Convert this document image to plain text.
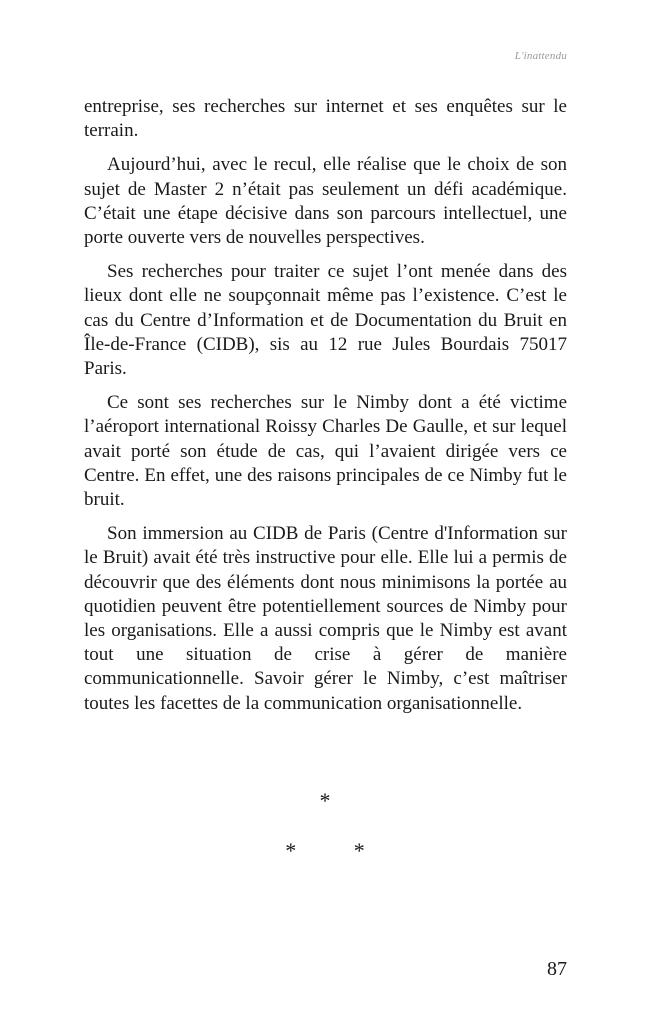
L'inattendu

entreprise, ses recherches sur internet et ses enquêtes sur le terrain.

Aujourd’hui, avec le recul, elle réalise que le choix de son sujet de Master 2 n’était pas seulement un défi académique. C’était une étape décisive dans son parcours intellectuel, une porte ouverte vers de nouvelles perspectives.

Ses recherches pour traiter ce sujet l’ont menée dans des lieux dont elle ne soupçonnait même pas l’existence. C’est le cas du Centre d’Information et de Documentation du Bruit en Île-de-France (CIDB), sis au 12 rue Jules Bourdais 75017 Paris.

Ce sont ses recherches sur le Nimby dont a été victime l’aéroport international Roissy Charles De Gaulle, et sur lequel avait porté son étude de cas, qui l’avaient dirigée vers ce Centre. En effet, une des raisons principales de ce Nimby fut le bruit.

Son immersion au CIDB de Paris (Centre d'Information sur le Bruit) avait été très instructive pour elle. Elle lui a permis de découvrir que des éléments dont nous minimisons la portée au quotidien peuvent être potentiellement sources de Nimby pour les organisations. Elle a aussi compris que le Nimby est avant tout une situation de crise à gérer de manière communicationnelle. Savoir gérer le Nimby, c’est maîtriser toutes les facettes de la communication organisationnelle.

*
*	*
87
